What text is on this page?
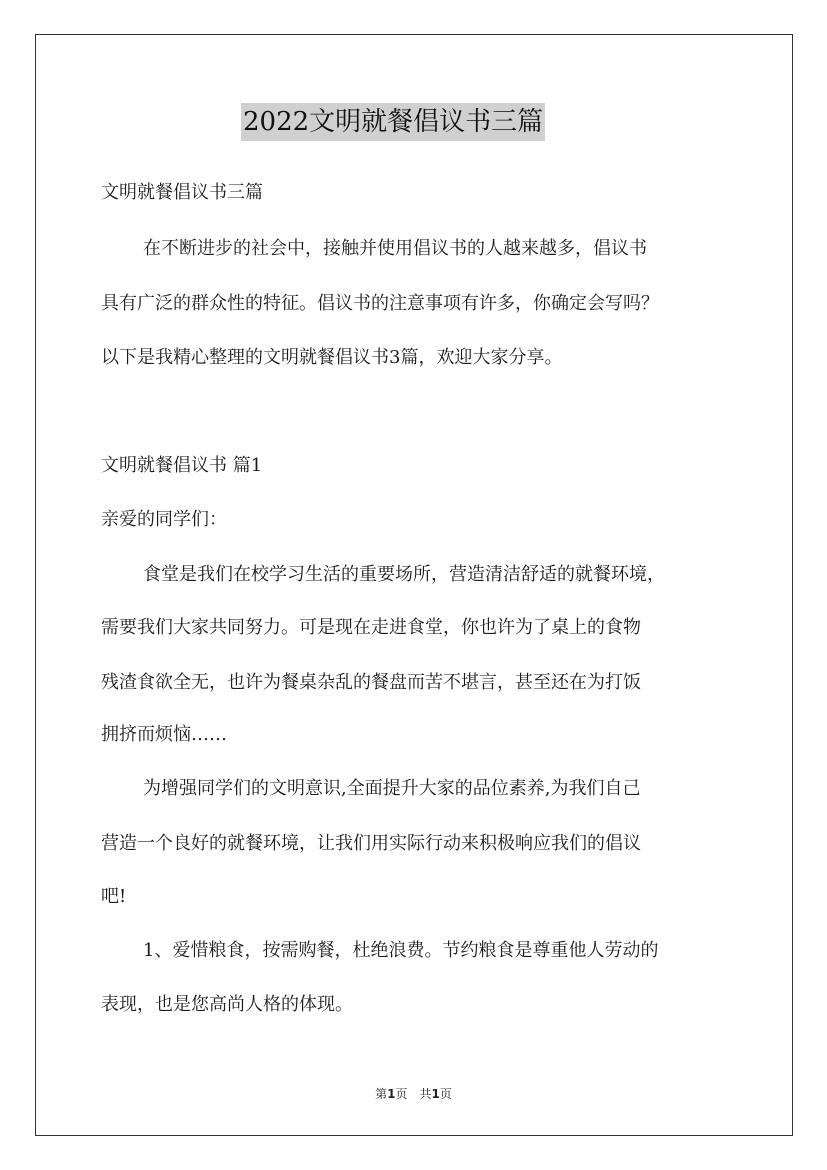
2022文明就餐倡议书三篇
文明就餐倡议书三篇
在不断进步的社会中，接触并使用倡议书的人越来越多，倡议书
具有广泛的群众性的特征。倡议书的注意事项有许多，你确定会写吗？
以下是我精心整理的文明就餐倡议书3篇，欢迎大家分享。
文明就餐倡议书 篇1
亲爱的同学们：
食堂是我们在校学习生活的重要场所，营造清洁舒适的就餐环境，
需要我们大家共同努力。可是现在走进食堂，你也许为了桌上的食物
残渣食欲全无，也许为餐桌杂乱的餐盘而苦不堪言，甚至还在为打饭
拥挤而烦恼……
为增强同学们的文明意识,全面提升大家的品位素养,为我们自己
营造一个良好的就餐环境，让我们用实际行动来积极响应我们的倡议
吧!
1、爱惜粮食，按需购餐，杜绝浪费。节约粮食是尊重他人劳动的
表现，也是您高尚人格的体现。
第1页　共1页
